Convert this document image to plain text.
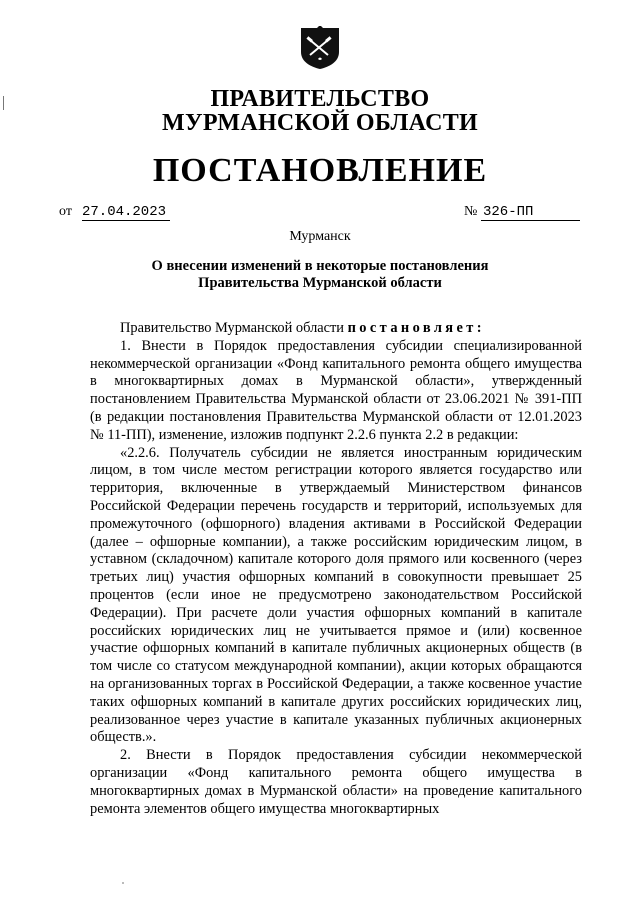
ПРАВИТЕЛЬСТВО
МУРМАНСКОЙ ОБЛАСТИ
ПОСТАНОВЛЕНИЕ
от 27.04.2023	№ 326-ПП
Мурманск
О внесении изменений в некоторые постановления
Правительства Мурманской области

Правительство Мурманской области постановляет:

1. Внести в Порядок предоставления субсидии специализированной некоммерческой организации «Фонд капитального ремонта общего имущества в многоквартирных домах в Мурманской области», утвержденный постановлением Правительства Мурманской области от 23.06.2021 № 391-ПП (в редакции постановления Правительства Мурманской области от 12.01.2023 № 11-ПП), изменение, изложив подпункт 2.2.6 пункта 2.2 в редакции:

«2.2.6. Получатель субсидии не является иностранным юридическим лицом, в том числе местом регистрации которого является государство или территория, включенные в утверждаемый Министерством финансов Российской Федерации перечень государств и территорий, используемых для промежуточного (офшорного) владения активами в Российской Федерации (далее – офшорные компании), а также российским юридическим лицом, в уставном (складочном) капитале которого доля прямого или косвенного (через третьих лиц) участия офшорных компаний в совокупности превышает 25 процентов (если иное не предусмотрено законодательством Российской Федерации). При расчете доли участия офшорных компаний в капитале российских юридических лиц не учитывается прямое и (или) косвенное участие офшорных компаний в капитале публичных акционерных обществ (в том числе со статусом международной компании), акции которых обращаются на организованных торгах в Российской Федерации, а также косвенное участие таких офшорных компаний в капитале других российских юридических лиц, реализованное через участие в капитале указанных публичных акционерных обществ.».

2. Внести в Порядок предоставления субсидии некоммерческой организации «Фонд капитального ремонта общего имущества в многоквартирных домах в Мурманской области» на проведение капитального ремонта элементов общего имущества многоквартирных
